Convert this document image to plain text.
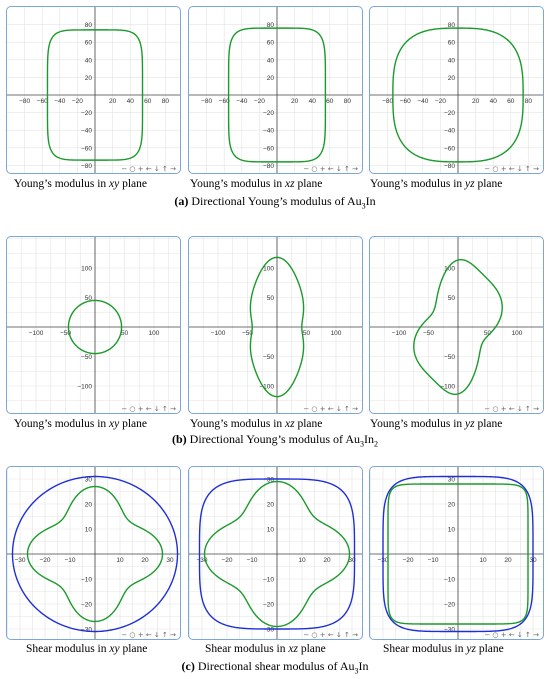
−80 −60 −40 −20	20 40 60 80
80
60
40
20
−20
−40
−60
−80	− ○ + ← ↓ ↑ →
−80 −60 −40 −20	20 40 60 80
80
60
40
20
−20
−40
−60
−80	− ○ + ← ↓ ↑ →
−80 −60 −40 −20	20 40 60 80
80
60
40
20
−20
−40
−60
−80	− ○ + ← ↓ ↑ →
Young’s modulus in xy plane	Young’s modulus in xz plane	Young’s modulus in yz plane
(a) Directional Young’s modulus of $Au_3In$
−100	−50	50	100
100
50
−50
−100
− ○ + ← ↓ ↑ →
−100	−50	50	100
100
50
−50
−100
− ○ + ← ↓ ↑ →
−100	−50	50	100
100
50
−50
−100
− ○ + ← ↓ ↑ →
Young’s modulus in xy plane	Young’s modulus in xz plane	Young’s modulus in yz plane
(b) Directional Young’s modulus of $Au_3In_2$
−30 −20 −10	10	20	30
30
20
10
−10
−20
−30
− ○ + ← ↓ ↑ →
−30 −20 −10	10	20	30
30
20
10
−10
−20
−30
− ○ + ← ↓ ↑ →
−30 −20 −10	10	20	30
30
20
10
−10
−20
−30
− ○ + ← ↓ ↑ →
Shear modulus in xy plane	Shear modulus in xz plane	Shear modulus in yz plane
(c) Directional shear modulus of $Au_3In$
